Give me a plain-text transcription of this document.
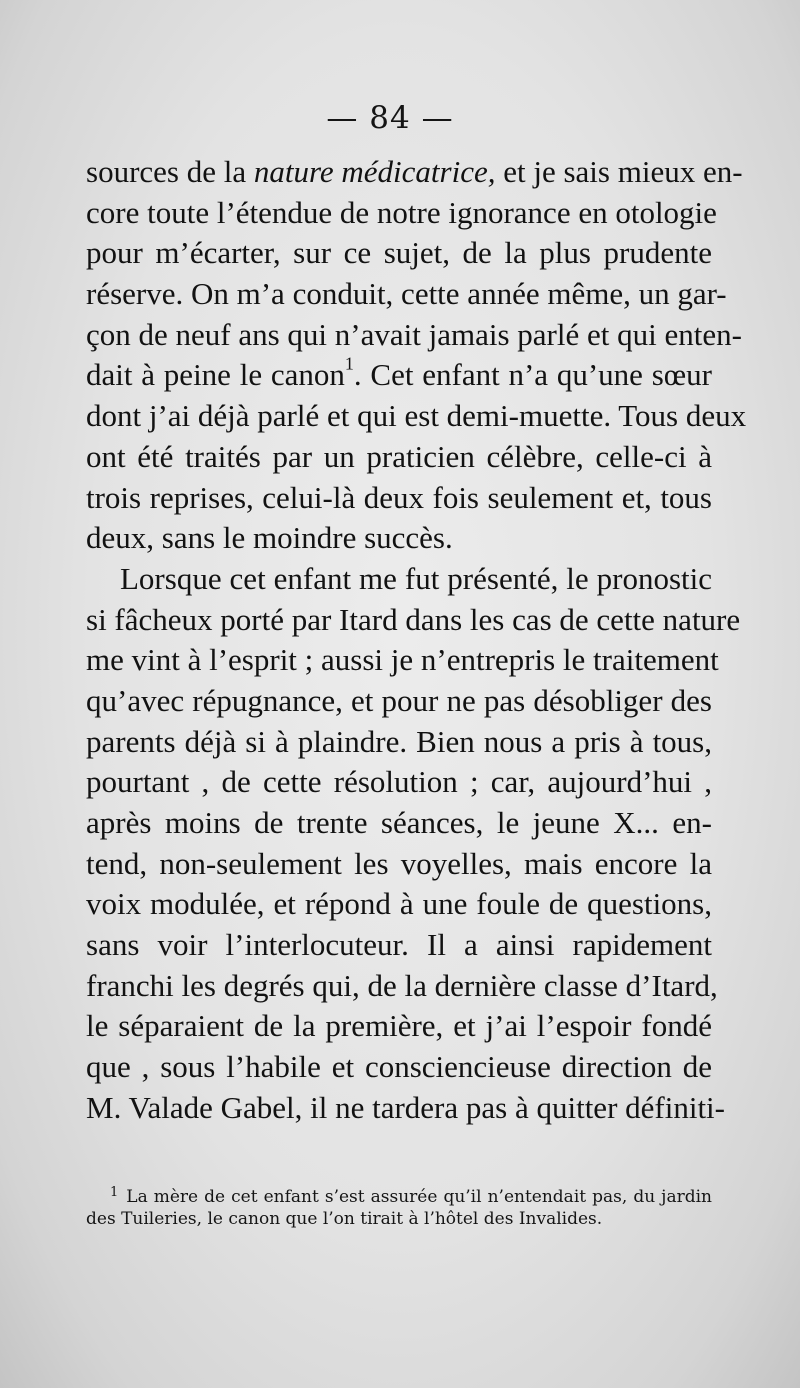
— 84 —
sources de la nature médicatrice, et je sais mieux en-
core toute l’étendue de notre ignorance en otologie
pour m’écarter, sur ce sujet, de la plus prudente
réserve. On m’a conduit, cette année même, un gar-
çon de neuf ans qui n’avait jamais parlé et qui enten-
dait à peine le canon$^1$. Cet enfant n’a qu’une sœur
dont j’ai déjà parlé et qui est demi-muette. Tous deux
ont été traités par un praticien célèbre, celle-ci à
trois reprises, celui-là deux fois seulement et, tous
deux, sans le moindre succès.
Lorsque cet enfant me fut présenté, le pronostic
si fâcheux porté par Itard dans les cas de cette nature
me vint à l’esprit ; aussi je n’entrepris le traitement
qu’avec répugnance, et pour ne pas désobliger des
parents déjà si à plaindre. Bien nous a pris à tous,
pourtant , de cette résolution ; car, aujourd’hui ,
après moins de trente séances, le jeune X... en-
tend, non-seulement les voyelles, mais encore la
voix modulée, et répond à une foule de questions,
sans voir l’interlocuteur. Il a ainsi rapidement
franchi les degrés qui, de la dernière classe d’Itard,
le séparaient de la première, et j’ai l’espoir fondé
que , sous l’habile et consciencieuse direction de
M. Valade Gabel, il ne tardera pas à quitter définiti-
$^1$ La mère de cet enfant s’est assurée qu’il n’entendait pas, du jardin
des Tuileries, le canon que l’on tirait à l’hôtel des Invalides.
